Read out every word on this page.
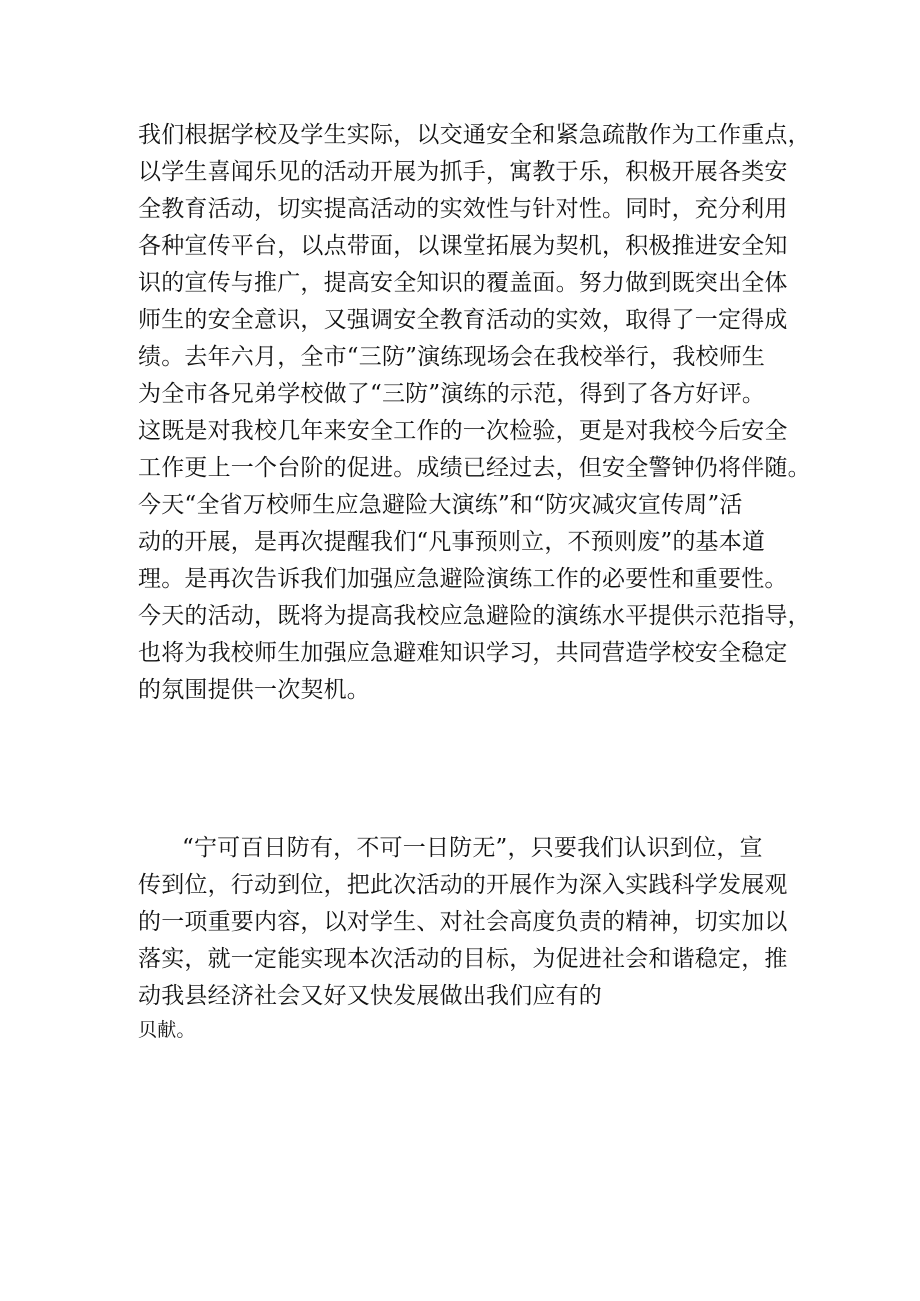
我们根据学校及学生实际，以交通安全和紧急疏散作为工作重点，
以学生喜闻乐见的活动开展为抓手，寓教于乐，积极开展各类安
全教育活动，切实提高活动的实效性与针对性。同时，充分利用
各种宣传平台，以点带面，以课堂拓展为契机，积极推进安全知
识的宣传与推广，提高安全知识的覆盖面。努力做到既突出全体
师生的安全意识，又强调安全教育活动的实效，取得了一定得成
绩。去年六月，全市“三防”演练现场会在我校举行，我校师生
为全市各兄弟学校做了“三防”演练的示范，得到了各方好评。
这既是对我校几年来安全工作的一次检验，更是对我校今后安全
工作更上一个台阶的促进。成绩已经过去，但安全警钟仍将伴随。
今天“全省万校师生应急避险大演练”和“防灾减灾宣传周”活
动的开展，是再次提醒我们“凡事预则立，不预则废”的基本道
理。是再次告诉我们加强应急避险演练工作的必要性和重要性。
今天的活动，既将为提高我校应急避险的演练水平提供示范指导，
也将为我校师生加强应急避难知识学习，共同营造学校安全稳定
的氛围提供一次契机。
“宁可百日防有，不可一日防无”，只要我们认识到位，宣
传到位，行动到位，把此次活动的开展作为深入实践科学发展观
的一项重要内容，以对学生、对社会高度负责的精神，切实加以
落实，就一定能实现本次活动的目标，为促进社会和谐稳定，推
动我县经济社会又好又快发展做出我们应有的
贝献。
